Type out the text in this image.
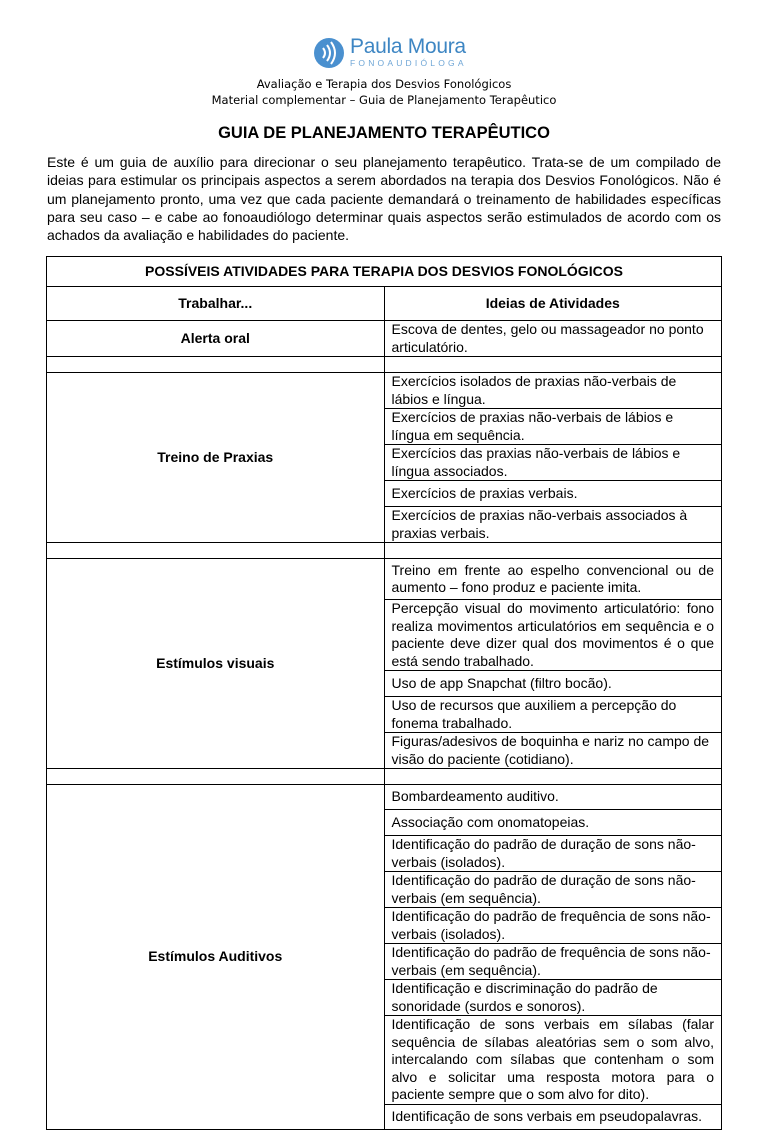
Paula Moura
FONOAUDIÓLOGA
Avaliação e Terapia dos Desvios Fonológicos
Material complementar – Guia de Planejamento Terapêutico
GUIA DE PLANEJAMENTO TERAPÊUTICO
Este é um guia de auxílio para direcionar o seu planejamento terapêutico. Trata-se de um compilado de ideias para estimular os principais aspectos a serem abordados na terapia dos Desvios Fonológicos. Não é um planejamento pronto, uma vez que cada paciente demandará o treinamento de habilidades específicas para seu caso – e cabe ao fonoaudiólogo determinar quais aspectos serão estimulados de acordo com os achados da avaliação e habilidades do paciente.
POSSÍVEIS ATIVIDADES PARA TERAPIA DOS DESVIOS FONOLÓGICOS	
Trabalhar...	Ideias de Atividades
Alerta oral	Escova de dentes, gelo ou massageador no ponto articulatório.

Treino de Praxias	Exercícios isolados de praxias não-verbais de lábios e língua.
	Exercícios de praxias não-verbais de lábios e língua em sequência.
	Exercícios das praxias não-verbais de lábios e língua associados.
	Exercícios de praxias verbais.
	Exercícios de praxias não-verbais associados à praxias verbais.

Estímulos visuais	Treino em frente ao espelho convencional ou de aumento – fono produz e paciente imita.
	Percepção visual do movimento articulatório: fono realiza movimentos articulatórios em sequência e o paciente deve dizer qual dos movimentos é o que está sendo trabalhado.
	Uso de app Snapchat (filtro bocão).
	Uso de recursos que auxiliem a percepção do fonema trabalhado.
	Figuras/adesivos de boquinha e nariz no campo de visão do paciente (cotidiano).

Estímulos Auditivos	Bombardeamento auditivo.
	Associação com onomatopeias.
	Identificação do padrão de duração de sons não-verbais (isolados).
	Identificação do padrão de duração de sons não-verbais (em sequência).
	Identificação do padrão de frequência de sons não-verbais (isolados).
	Identificação do padrão de frequência de sons não-verbais (em sequência).
	Identificação e discriminação do padrão de sonoridade (surdos e sonoros).
	Identificação de sons verbais em sílabas (falar sequência de sílabas aleatórias sem o som alvo, intercalando com sílabas que contenham o som alvo e solicitar uma resposta motora para o paciente sempre que o som alvo for dito).
	Identificação de sons verbais em pseudopalavras.
